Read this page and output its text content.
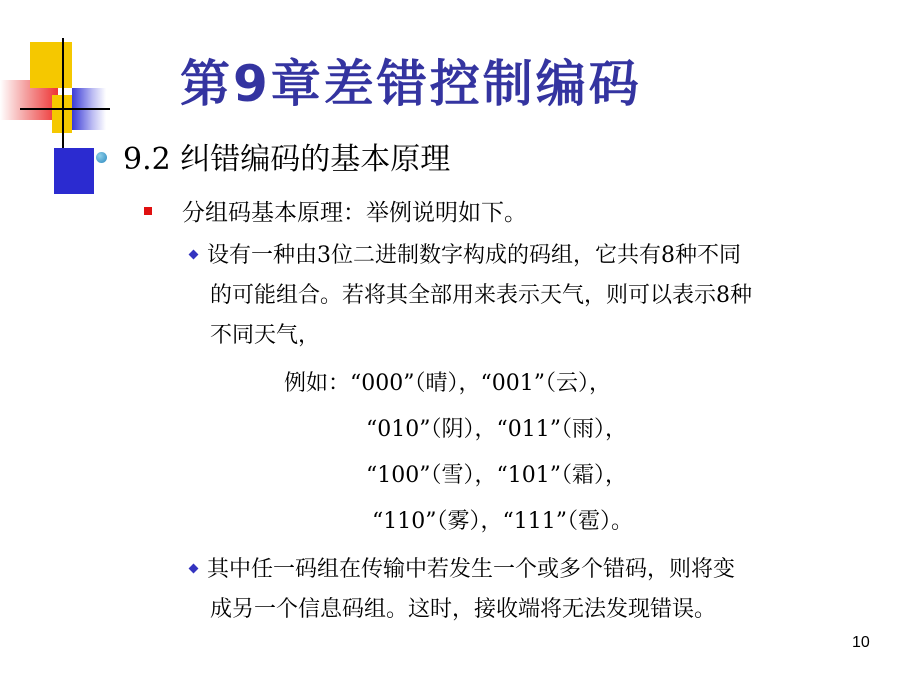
第9章差错控制编码
9.2 纠错编码的基本原理
分组码基本原理：举例说明如下。
设有一种由3位二进制数字构成的码组，它共有8种不同
的可能组合。若将其全部用来表示天气，则可以表示8种
不同天气，
例如：“000”（晴），“001”（云），
“010”（阴），“011”（雨），
“100”（雪），“101”（霜），
“110”（雾），“111”（雹）。
其中任一码组在传输中若发生一个或多个错码，则将变
成另一个信息码组。这时，接收端将无法发现错误。
10
